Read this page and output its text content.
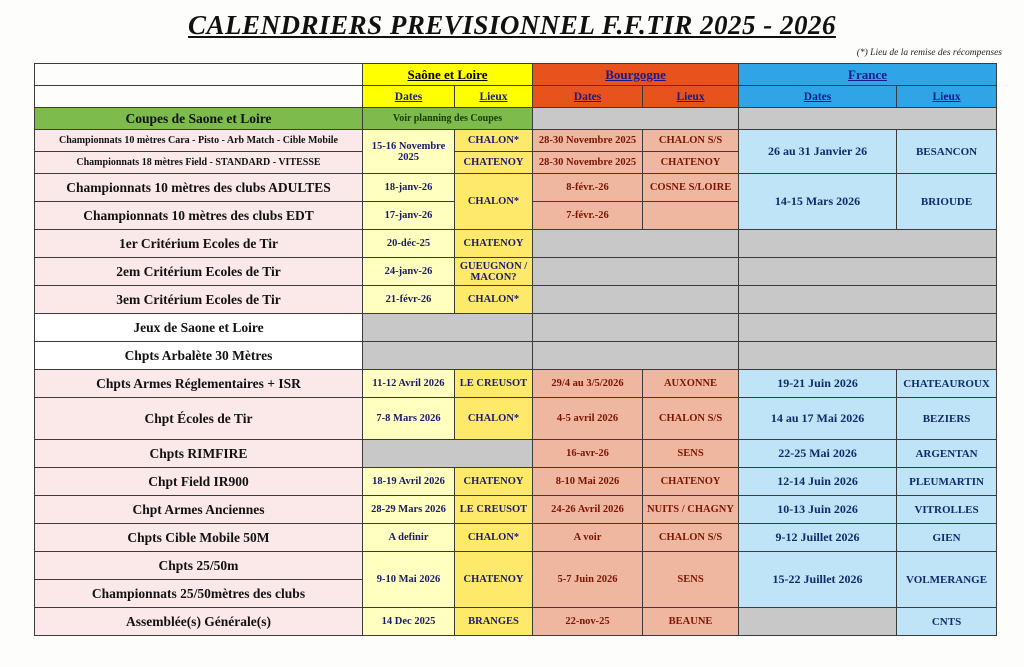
CALENDRIERS PREVISIONNEL F.F.TIR 2025 - 2026
(*) Lieu de la remise des récompenses
	Saône et Loire		Bourgogne		France	
	Dates	Lieux	Dates	Lieux	Dates	Lieux
Coupes de Saone et Loire	Voir planning des Coupes					
Championnats 10 mètres Cara - Pisto - Arb Match - Cible Mobile	15-16 Novembre 2025	CHALON*	28-30 Novembre 2025	CHALON S/S	26 au 31 Janvier 26	BESANCON
Championnats 18 mètres Field - STANDARD - VITESSE		CHATENOY	28-30 Novembre 2025	CHATENOY		
Championnats 10 mètres des clubs ADULTES	18-janv-26	CHALON*	8-févr.-26	COSNE S/LOIRE	14-15 Mars 2026	BRIOUDE
Championnats 10 mètres des clubs EDT	17-janv-26		7-févr.-26			
1er Critérium Ecoles de Tir	20-déc-25	CHATENOY				
2em Critérium Ecoles de Tir	24-janv-26	GUEUGNON / MACON?				
3em Critérium Ecoles de Tir	21-févr-26	CHALON*				
Jeux de Saone et Loire						
Chpts Arbalète 30 Mètres						
Chpts Armes Réglementaires + ISR	11-12 Avril 2026	LE CREUSOT	29/4 au 3/5/2026	AUXONNE	19-21 Juin 2026	CHATEAUROUX
Chpt Écoles de Tir	7-8 Mars 2026	CHALON*	4-5 avril 2026	CHALON S/S	14 au 17 Mai 2026	BEZIERS
Chpts RIMFIRE			16-avr-26	SENS	22-25 Mai 2026	ARGENTAN
Chpt Field IR900	18-19 Avril 2026	CHATENOY	8-10 Mai 2026	CHATENOY	12-14 Juin 2026	PLEUMARTIN
Chpt Armes Anciennes	28-29 Mars 2026	LE CREUSOT	24-26 Avril 2026	NUITS / CHAGNY	10-13 Juin 2026	VITROLLES
Chpts Cible Mobile 50M	A definir	CHALON*	A voir	CHALON S/S	9-12 Juillet 2026	GIEN
Chpts 25/50m	9-10 Mai 2026	CHATENOY	5-7 Juin 2026	SENS	15-22 Juillet 2026	VOLMERANGE
Championnats 25/50mètres des clubs						
Assemblée(s) Générale(s)	14 Dec 2025	BRANGES	22-nov-25	BEAUNE		CNTS
